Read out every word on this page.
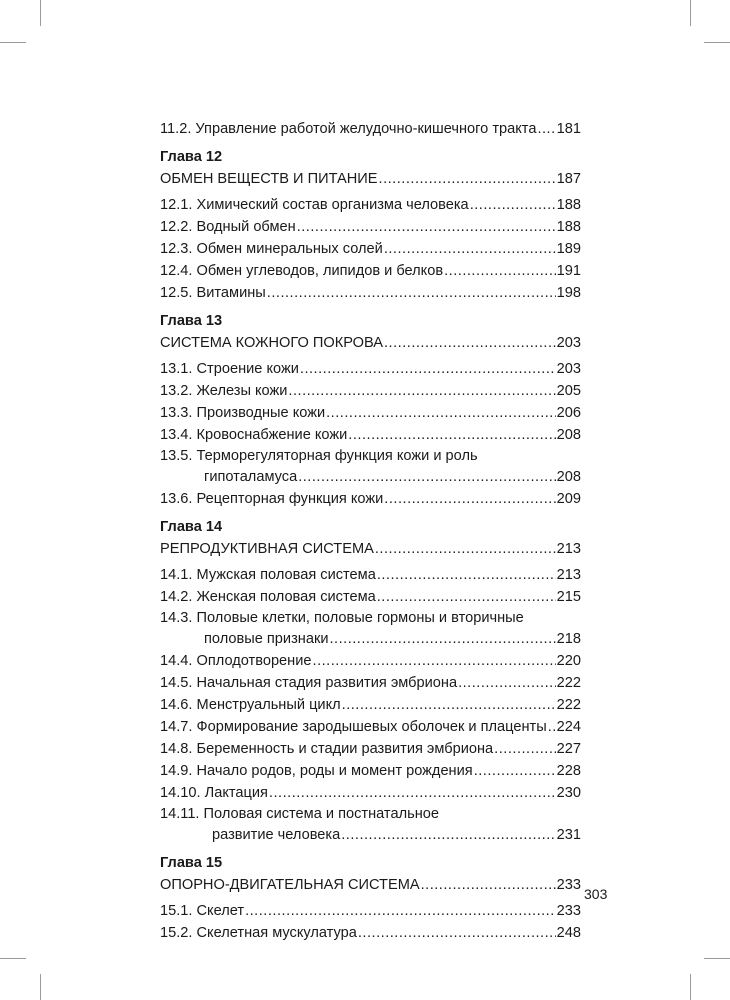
11.2. Управление работой желудочно-кишечного тракта ..... 181
Глава 12
ОБМЕН ВЕЩЕСТВ И ПИТАНИЕ .....	187
12.1. Химический состав организма человека .....	188
12.2. Водный обмен .....	188
12.3. Обмен минеральных солей .....	189
12.4. Обмен углеводов, липидов и белков .....	191
12.5. Витамины .....	198
Глава 13
СИСТЕМА КОЖНОГО ПОКРОВА .....	203
13.1. Строение кожи .....	203
13.2. Железы кожи .....	205
13.3. Производные кожи .....	206
13.4. Кровоснабжение кожи .....	208
13.5. Терморегуляторная функция кожи и роль
гипоталамуса .....	208
13.6. Рецепторная функция кожи .....	209
Глава 14
РЕПРОДУКТИВНАЯ СИСТЕМА .....	213
14.1. Мужская половая система .....	213
14.2. Женская половая система .....	215
14.3. Половые клетки, половые гормоны и вторичные
половые признаки .....	218
14.4. Оплодотворение .....	220
14.5. Начальная стадия развития эмбриона .....	222
14.6. Менструальный цикл .....	222
14.7. Формирование зародышевых оболочек и плаценты ..... 224
14.8. Беременность и стадии развития эмбриона .....	227
14.9. Начало родов, роды и момент рождения .....	228
14.10. Лактация .....	230
14.11. Половая система и постнатальное
развитие человека .....	231
Глава 15
ОПОРНО-ДВИГАТЕЛЬНАЯ СИСТЕМА .....	233
15.1. Скелет .....	233
15.2. Скелетная мускулатура .....	248
303
